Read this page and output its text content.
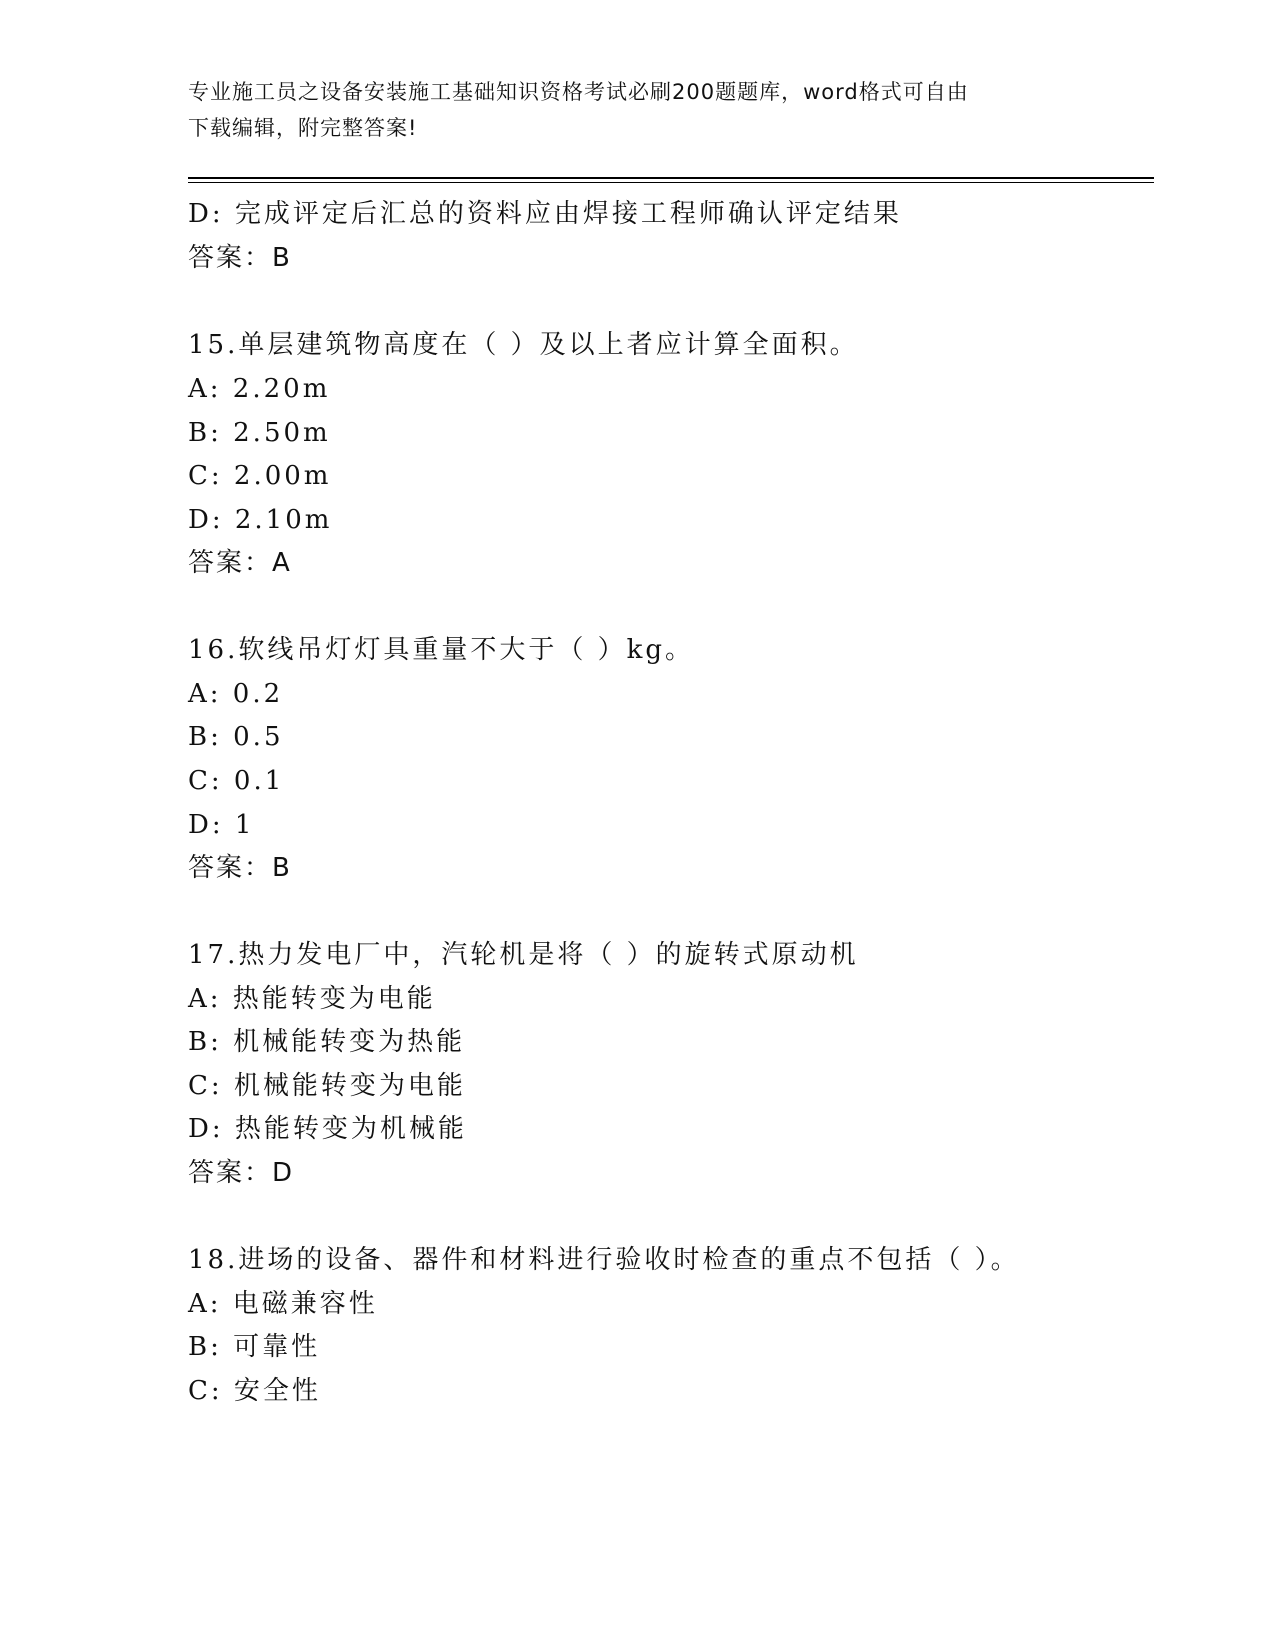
专业施工员之设备安装施工基础知识资格考试必刷200题题库，word格式可自由
下载编辑，附完整答案!
D: 完成评定后汇总的资料应由焊接工程师确认评定结果
答案：B
15.单层建筑物高度在（ ）及以上者应计算全面积。
A: 2.20m
B: 2.50m
C: 2.00m
D: 2.10m
答案：A
16.软线吊灯灯具重量不大于（ ）kg。
A: 0.2
B: 0.5
C: 0.1
D: 1
答案：B
17.热力发电厂中，汽轮机是将（ ）的旋转式原动机
A: 热能转变为电能
B: 机械能转变为热能
C: 机械能转变为电能
D: 热能转变为机械能
答案：D
18.进场的设备、器件和材料进行验收时检查的重点不包括（ ）。
A: 电磁兼容性
B: 可靠性
C: 安全性
